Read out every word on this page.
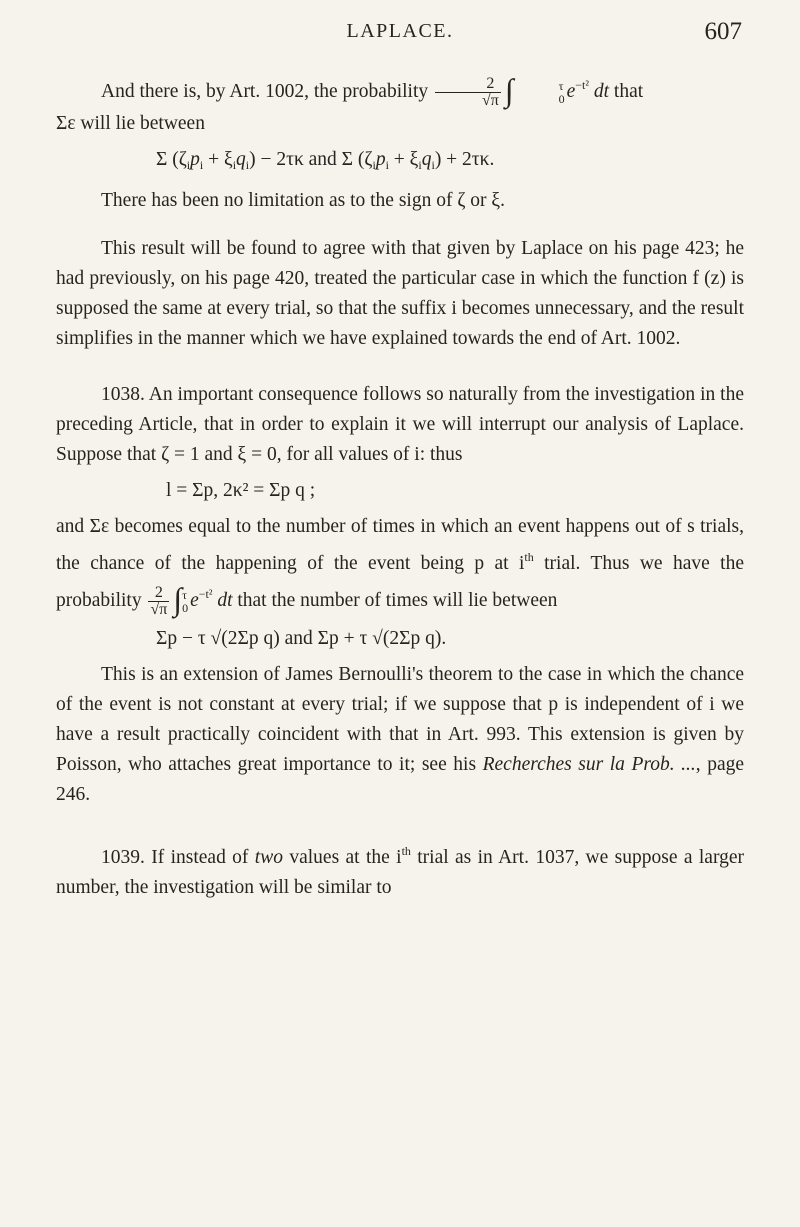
LAPLACE.	607

And there is, by Art. 1002, the probability $\frac{2}{√\pi}$ ∫	τ
0 $e^{-t^2}$ dt that

Σε will lie between

Σ $(\zeta_ip_i + \xi_iq_i) - 2\tau\kappa$ and Σ $(\zeta_ip_i + \xi_iq_i) + 2\tau\kappa$.

There has been no limitation as to the sign of ζ or ξ.

This result will be found to agree with that given by Laplace on his page 423; he had previously, on his page 420, treated the particular case in which the function f (z) is supposed the same at every trial, so that the suffix i becomes unnecessary, and the result simplifies in the manner which we have explained towards the end of Art. 1002.

1038. An important consequence follows so naturally from the investigation in the preceding Article, that in order to explain it we will interrupt our analysis of Laplace. Suppose that ζ = 1 and ξ = 0, for all values of i: thus

l = Σp, 2κ² = Σp q ;

and Σε becomes equal to the number of times in which an event happens out of s trials, the chance of the happening of the event being p at $i^{th}$ trial. Thus we have the probability $\frac{2}{√\pi}$ ∫ τ
0 $e^{-t^2}$ dt that the number of times will lie between

Σp − τ √(2Σp q) and Σp + τ √(2Σp q).

This is an extension of James Bernoulli's theorem to the case in which the chance of the event is not constant at every trial; if we suppose that p is independent of i we have a result practically coincident with that in Art. 993. This extension is given by Poisson, who attaches great importance to it; see his Recherches sur la Prob. ..., page 246.

1039. If instead of two values at the $i^{th}$ trial as in Art. 1037, we suppose a larger number, the investigation will be similar to
